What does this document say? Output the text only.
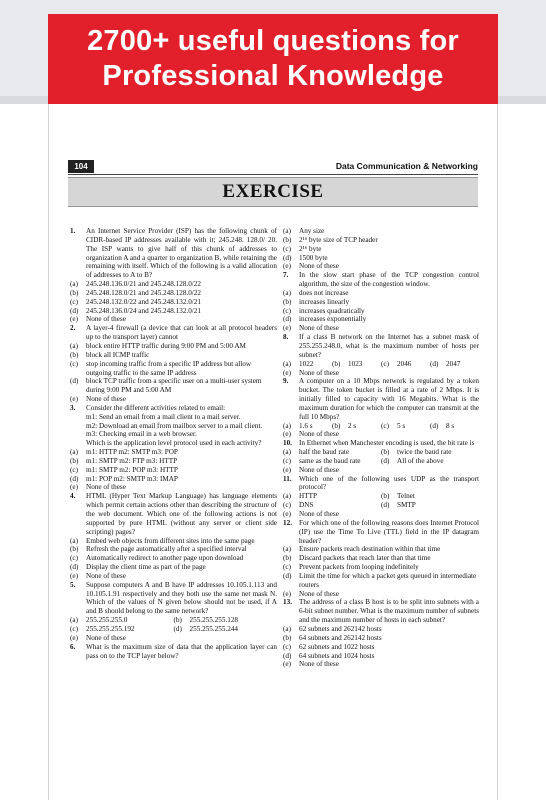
2700+ useful questions for
Professional Knowledge
104	Data Communication & Networking
EXERCISE
1. An Internet Service Provider (ISP) has the following chunk of CIDR-based IP addresses available with it; 245.248. 128.0/ 20. The ISP wants to give half of this chunk of addresses to organization A and a quarter to organization B, while retaining the remaining with itself. Which of the following is a valid allocation of addresses to A to B?
(a) 245.248.136.0/21 and 245.248.128.0/22
(b) 245.248.128.0/21 and 245.248.128.0/22
(c) 245.248.132.0/22 and 245.248.132.0/21
(d) 245.248.136.0/24 and 245.248.132.0/21
(e) None of these
2. A layer-4 firewall (a device that can look at all protocol headers up to the transport layer) cannot
(a) block entire HTTP traffic during 9:00 PM and 5:00 AM
(b) block all ICMP traffic
(c) stop incoming traffic from a specific IP address but allow outgoing traffic to the same IP address
(d) block TCP traffic from a specific user on a multi-user system during 9:00 PM and 5:00 AM
(e) None of these
3. Consider the different activities related to email:
m1: Send an email from a mail client to a mail server.
m2: Download an email from mailbox server to a mail client.
m3: Checking email in a web browser.
Which is the application level protocol used in each activity?
(a) m1: HTTP m2: SMTP m3: POP
(b) m1: SMTP m2: FTP m3: HTTP
(c) m1: SMTP m2: POP m3: HTTP
(d) m1: POP m2: SMTP m3: IMAP
(e) None of these
4. HTML (Hyper Text Markup Language) has language elements which permit certain actions other than describing the structure of the web document. Which one of the following actions is not supported by pure HTML (without any server or client side scripting) pages?
(a) Embed web objects from different sites into the same page
(b) Refresh the page automatically after a specified interval
(c) Automatically redirect to another page upon download
(d) Display the client time as part of the page
(e) None of these
5. Suppose computers A and B have IP addresses 10.105.1.113 and 10.105.1.91 respectively and they both use the same net mask N. Which of the values of N given below should not be used, if A and B should belong to the same network?
(a) 255.255.255.0	(b) 255.255.255.128
(c) 255.255.255.192	(d) 255.255.255.244
(e) None of these
6. What is the maximum size of data that the application layer can pass on to the TCP layer below?
(a) Any size
(b) 2¹⁶ byte size of TCP header
(c) 2¹⁶ byte
(d) 1500 byte
(e) None of these
7. In the slow start phase of the TCP congestion control algorithm, the size of the congestion window.
(a) does not increase
(b) increases linearly
(c) increases quadratically
(d) increases exponentially
(e) None of these
8. If a class B network on the Internet has a subnet mask of 255.255.248.0, what is the maximum number of hosts per subnet?
(a) 1022	(b) 1023	(c) 2046	(d) 2047
(e) None of these
9. A computer on a 10 Mbps network is regulated by a token bucket. The token bucket is filled at a rate of 2 Mbps. It is initially filled to capacity with 16 Megabits. What is the maximum duration for which the computer can transmit at the full 10 Mbps?
(a) 1.6 s	(b) 2 s	(c) 5 s	(d) 8 s
(e) None of these
10. In Ethernet when Manchester encoding is used, the bit rate is
(a) half the baud rate	(b) twice the baud rate
(c) same as the baud rate	(d) All of the above
(e) None of these
11. Which one of the following uses UDP as the transport protocol?
(a) HTTP	(b) Telnet
(c) DNS	(d) SMTP
(e) None of these
12. For which one of the following reasons does Internet Protocol (IP) use the Time To Live (TTL) field in the IP datagram header?
(a) Ensure packets reach destination within that time
(b) Discard packets that reach later than that time
(c) Prevent packets from looping indefinitely
(d) Limit the time for which a packet gets queued in intermediate routers
(e) None of these
13. The address of a class B host is to be split into subnets with a 6-bit subnet number. What is the maximum number of subnets and the maximum number of hosts in each subnet?
(a) 62 subnets and 262142 hosts
(b) 64 subnets and 262142 hosts
(c) 62 subnets and 1022 hosts
(d) 64 subnets and 1024 hosts
(e) None of these
